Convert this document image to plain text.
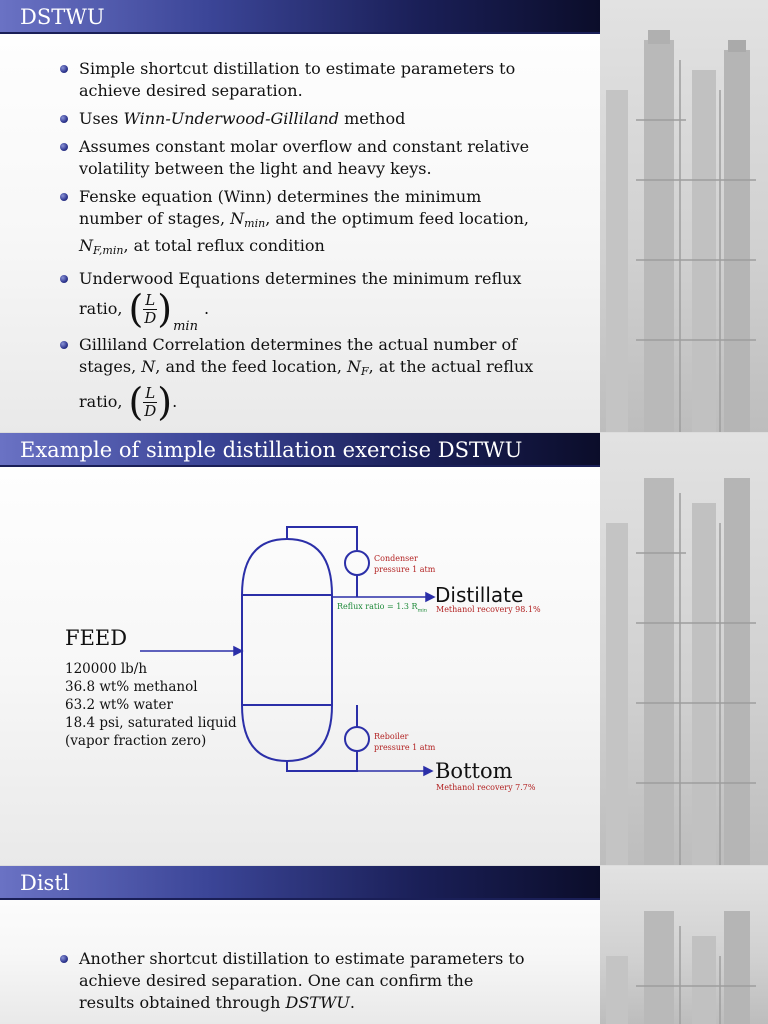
DSTWU
Simple shortcut distillation to estimate parameters to achieve desired separation.
Uses Winn-Underwood-Gilliland method
Assumes constant molar overflow and constant relative volatility between the light and heavy keys.
Fenske equation (Winn) determines the minimum number of stages, $N_{min}$, and the optimum feed location, $N_{F,min}$, at total reflux condition
Underwood Equations determines the minimum reflux

ratio, ( $\frac{L}{D}$ ) min
.
Gilliland Correlation determines the actual number of stages, N, and the feed location, $N_F$, at the actual reflux

ratio, ( $\frac{L}{D}$ ) .
Example of simple distillation exercise DSTWU
FEED
120000 lb/h
36.8 wt% methanol
63.2 wt% water
18.4 psi, saturated liquid
(vapor fraction zero)
Condenser
pressure 1 atm
Distillate
Reflux ratio = 1.3 $R_{min}$ Methanol recovery 98.1%
Reboiler
pressure 1 atm
Bottom
Methanol recovery 7.7%
Distl
Another shortcut distillation to estimate parameters to achieve desired separation. One can confirm the results obtained through DSTWU.
